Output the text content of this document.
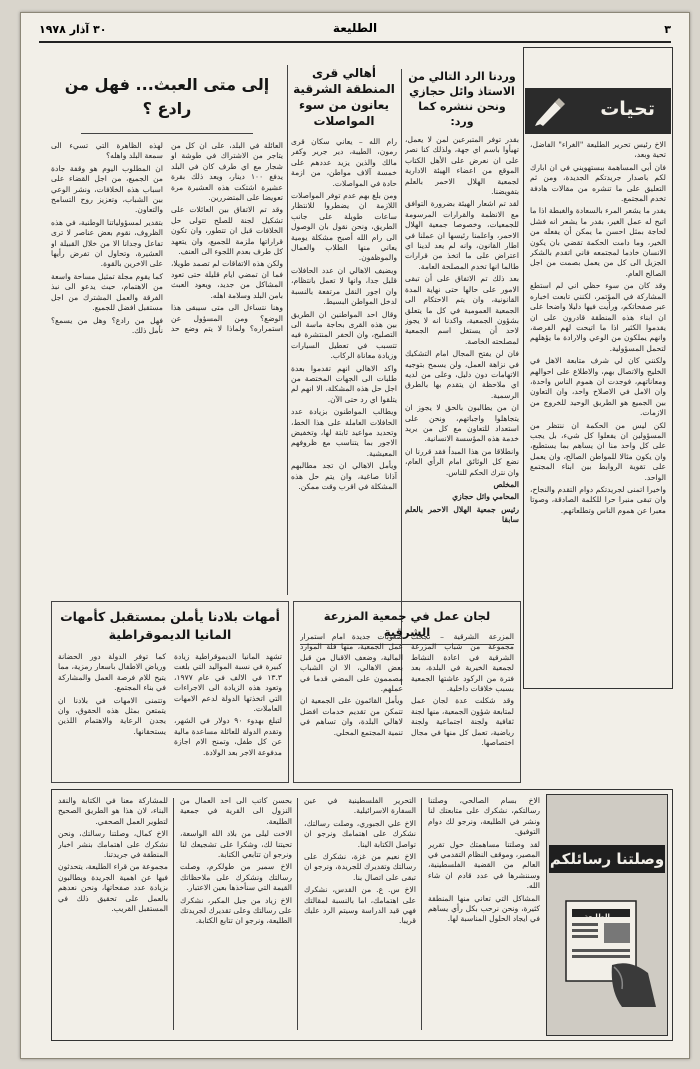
٣
الطليعة
٣٠ آذار ١٩٧٨
تحيات

الاخ رئيس تحرير الطليعة "الغراء" الفاضل، تحية وبعد،

فان أبي المساهمة ببستهويني في ان ابارك لكم باصدار جريدتكم الجديدة، ومن ثم التعليق على ما تنشره من مقالات هادفة تخدم المجتمع.

يقدر ما يشعر المرء بالسعادة والغبطة اذا ما اتيح له عمل الغير، بقدر ما يشعر انه فشل لحاجة بمثل احسن ما يمكن أن يفعله من الخير، وما دامت الحكمة تقضي بان يكون الانسان خادما لمجتمعه فاني اتقدم بالشكر الجزيل الى كل من يعمل بصمت من اجل الصالح العام.

وقد كان من سوء حظي اني لم استطع المشاركة في المؤتمر، لكنني تابعت اخباره عبر صفحاتكم، ورأيت فيها دليلا واضحا على ان ابناء هذه المنطقة قادرون على ان يقدموا الكثير اذا ما اتيحت لهم الفرصة، وانهم يملكون من الوعي والارادة ما يؤهلهم لتحمل المسؤولية.

ولكنني كان لي شرف متابعة الاهل في الخليج والاتصال بهم، والاطلاع على احوالهم ومعاناتهم، فوجدت ان هموم الناس واحدة، وان الامل في الاصلاح واحد، وان التعاون بين الجميع هو الطريق الوحيد للخروج من الازمات.

لكن ليس من الحكمة ان ننتظر من المسؤولين ان يفعلوا كل شيء، بل يجب على كل واحد منا ان يساهم بما يستطيع، وان يكون مثالا للمواطن الصالح، وان يعمل على تقوية الروابط بين ابناء المجتمع الواحد.

واخيرا اتمنى لجريدتكم دوام التقدم والنجاح، وان تبقى منبرا حرا للكلمة الصادقة، وصوتا معبرا عن هموم الناس وتطلعاتهم.

وردنا الرد التالي من الاستاذ وائل حجازي ونحن ننشره كما ورد:

بقدر توفر المتبرعين لمن لا يعمل، تهيأوا باسم اي جهة، ولذلك كنا نصر على ان نعرض على الأهل الكتاب الموقع من اعضاء الهيئة الادارية لجمعية الهلال الاحمر بالعلم بتفويضنا.

لقد تم اشعار الهيئة بضرورة التوافق مع الانظمة والقرارات المرسومة للجمعيات، وخصوصا جمعية الهلال الاحمر، واعلمنا رئيسها ان عملنا في اطار القانون، وانه لم يعد لدينا اي اعتراض على ما اتخذ من قرارات طالما انها تخدم المصلحة العامة.

بعد ذلك تم الاتفاق على أن تبقى الامور على حالها حتى نهاية المدة القانونية، وان يتم الاحتكام الى الجمعية العمومية في كل ما يتعلق بشؤون الجمعية، واكدنا انه لا يجوز لاحد أن يستغل اسم الجمعية لمصلحته الخاصة.

فان لن يفتح المجال امام التشكيك في نزاهة العمل، ولن يسمح بتوجيه الاتهامات دون دليل، وعلى من لديه اي ملاحظة ان يتقدم بها بالطرق الرسمية.

ان من يطالبون بالحق لا يجوز ان يتجاهلوا واجباتهم، ونحن على استعداد للتعاون مع كل من يريد خدمة هذه المؤسسة الانسانية.

وانطلاقا من هذا المبدأ فقد قررنا ان نضع كل الوثائق امام الرأي العام، وان نترك الحكم للناس.

المخلص

المحامي وائل حجازي

رئيس جمعية الهلال الاحمر بالعلم سابقا

أهالي قرى المنطقة الشرقية يعانون من سوء المواصلات

رام الله – يعاني سكان قرى رمون، الطيبة، دير جرير وكفر مالك والذين يزيد عددهم على خمسة آلاف مواطن، من ازمة حادة في المواصلات.

ومن بلغ بهم عدم توفر المواصلات اللازمة ان يضطروا للانتظار ساعات طويلة على جانب الطريق، ونحن نقول بان الوصول الى رام الله أصبح مشكلة يومية يعاني منها الطلاب والعمال والموظفون.

ويضيف الاهالي ان عدد الحافلات قليل جدا، وانها لا تعمل بانتظام، وان اجور النقل مرتفعة بالنسبة لدخل المواطن البسيط.

وقال احد المواطنين ان الطريق بين هذه القرى بحاجة ماسة الى التصليح، وان الحفر المنتشرة فيه تتسبب في تعطيل السيارات وزيادة معاناة الركاب.

واكد الاهالي انهم تقدموا بعدة طلبات الى الجهات المختصة من اجل حل هذه المشكلة، الا انهم لم يتلقوا اي رد حتى الآن.

ويطالب المواطنون بزيادة عدد الحافلات العاملة على هذا الخط، وتحديد مواعيد ثابتة لها، وتخفيض الاجور بما يتناسب مع ظروفهم المعيشية.

ويأمل الاهالي ان تجد مطالبهم آذانا صاغية، وان يتم حل هذه المشكلة في اقرب وقت ممكن.

إلى متى العبث... فهل من رادع ؟

العائلة في البلد، على ان كل من يتاجر من الاشتراك في طوشة او شجار مع اي طرف كان في البلد يدفع ١٠٠ دينار، ويعد ذلك بقرة عشيرة اشتكت هذه العشيرة مرة تعويضا على المتضررين.

وقد تم الاتفاق بين العائلات على تشكيل لجنة للصلح تتولى حل الخلافات قبل ان تتطور، وان تكون قراراتها ملزمة للجميع، وان يتعهد كل طرف بعدم اللجوء الى العنف.

ولكن هذه الاتفاقات لم تصمد طويلا، فما ان تمضي ايام قليلة حتى تعود المشاكل من جديد، ويعود العبث بامن البلد وسلامة اهله.

وهنا نتساءل الى متى سيبقى هذا الوضع؟ ومن المسؤول عن استمراره؟ ولماذا لا يتم وضع حد لهذه الظاهرة التي تسيء الى سمعة البلد واهله؟

ان المطلوب اليوم هو وقفة جادة من الجميع، من اجل القضاء على اسباب هذه الخلافات، ونشر الوعي بين الشباب، وتعزيز روح التسامح والتعاون.

بتقدير لمسؤولياتنا الوطنية، في هذه الظروف، نقوم بعض عناصر لا ترى تفاعل وجدانا الا من خلال القبيلة او العشيرة، وتحاول ان تفرض رأيها على الاخرين بالقوة.

كما يقوم مجلة تمثيل مساحة واسعة من الاهتمام، حيث يدعو الى نبذ الفرقة والعمل المشترك من اجل مستقبل افضل للجميع.

فهل من رادع؟ وهل من يسمع؟ نأمل ذلك.

أمهات بلادنا يأملن بمستقبل كأمهات المانيا الديموقراطية

تشهد المانيا الديموقراطية زيادة كبيرة في نسبة المواليد التي بلغت ١٣.٣ في الالف في عام ١٩٧٧، وتعود هذه الزيادة الى الاجراءات التي اتخذتها الدولة لدعم الامهات العاملات.

لتبلغ بهدوء ٩٠ دولار في الشهر، وتقدم الدولة للعائلة مساعدة مالية عن كل طفل، وتمنح الام اجازة مدفوعة الاجر بعد الولادة.

كما توفر الدولة دور الحضانة ورياض الاطفال باسعار رمزية، مما يتيح للام فرصة العمل والمشاركة في بناء المجتمع.

وتتمنى الامهات في بلادنا ان يتمتعن بمثل هذه الحقوق، وان يجدن الرعاية والاهتمام اللذين يستحقانها.

لجان عمل في جمعية المزرعة الشرقية

المزرعة الشرقية – نجحت مجموعة من شباب المزرعة الشرقية في اعادة النشاط لجمعية الخيرية في البلدة، بعد فترة من الركود عاشتها الجمعية بسبب خلافات داخلية.

وقد شكلت عدة لجان عمل لمتابعة شؤون الجمعية، منها لجنة ثقافية ولجنة اجتماعية ولجنة رياضية، تعمل كل منها في مجال اختصاصها.

صعوبات جديدة امام استمرار عمل الجمعية، منها قلة الموارد المالية، وضعف الاقبال من قبل بعض الاهالي، الا ان الشباب مصممون على المضي قدما في عملهم.

ويأمل القائمون على الجمعية ان تتمكن من تقديم خدمات افضل لاهالي البلدة، وان تساهم في تنمية المجتمع المحلي.

وصلتنا رسائلكم
الطليعة

الاخ بسام الصالحي، وصلتنا رسالتكم، نشكرك على متابعتك لنا ونشر في الطليعة، ونرجو لك دوام التوفيق.

لقد وصلتنا مساهمتك حول تقرير المصير، وموقف النظام التقدمي في العالم من القضية الفلسطينية، وسننشرها في عدد قادم ان شاء الله.

المشاكل التي تعاني منها المنطقة كثيرة، ونحن نرحب بكل رأي يساهم في ايجاد الحلول المناسبة لها.

التحرير الفلسطينية في عين السفارة الاسرائيلية.

الاخ علي الجبوري، وصلت رسالتك، نشكرك على اهتمامك ونرجو ان تواصل الكتابة الينا.

الاخ نعيم من غزة، نشكرك على رسالتك وتقديرك للجريدة، ونرجو ان تبقى على اتصال بنا.

الاخ س. ع. من القدس، نشكرك على اهتمامك، اما بالنسبة لمقالتك فهي قيد الدراسة وسيتم الرد عليك قريبا.

بحسن كاتب الى احد العمال من النزول الى القرية في جمعية الطليعة.

الاخت ليلى من بلاد الله الواسعة، تحيتنا لك، وشكرا على تشجيعك لنا ونرجو ان تتابعي الكتابة.

الاخ سمير من طولكرم، وصلت رسالتك ونشكرك على ملاحظاتك القيمة التي سنأخذها بعين الاعتبار.

الاخ زياد من جبل المكبر، نشكرك على رسالتك وعلى تقديرك لجريدتك الطليعة، ونرجو ان تتابع الكتابة.

للمشاركة معنا في الكتابة والنقد البناء، لان هذا هو الطريق الصحيح لتطوير العمل الصحفي.

الاخ كمال، وصلتنا رسالتك، ونحن نشكرك على اهتمامك بنشر اخبار المنطقة في جريدتنا.

مجموعة من قراء الطليعة، يتحدثون فيها عن اهمية الجريدة ويطالبون بزيادة عدد صفحاتها، ونحن نعدهم بالعمل على تحقيق ذلك في المستقبل القريب.
